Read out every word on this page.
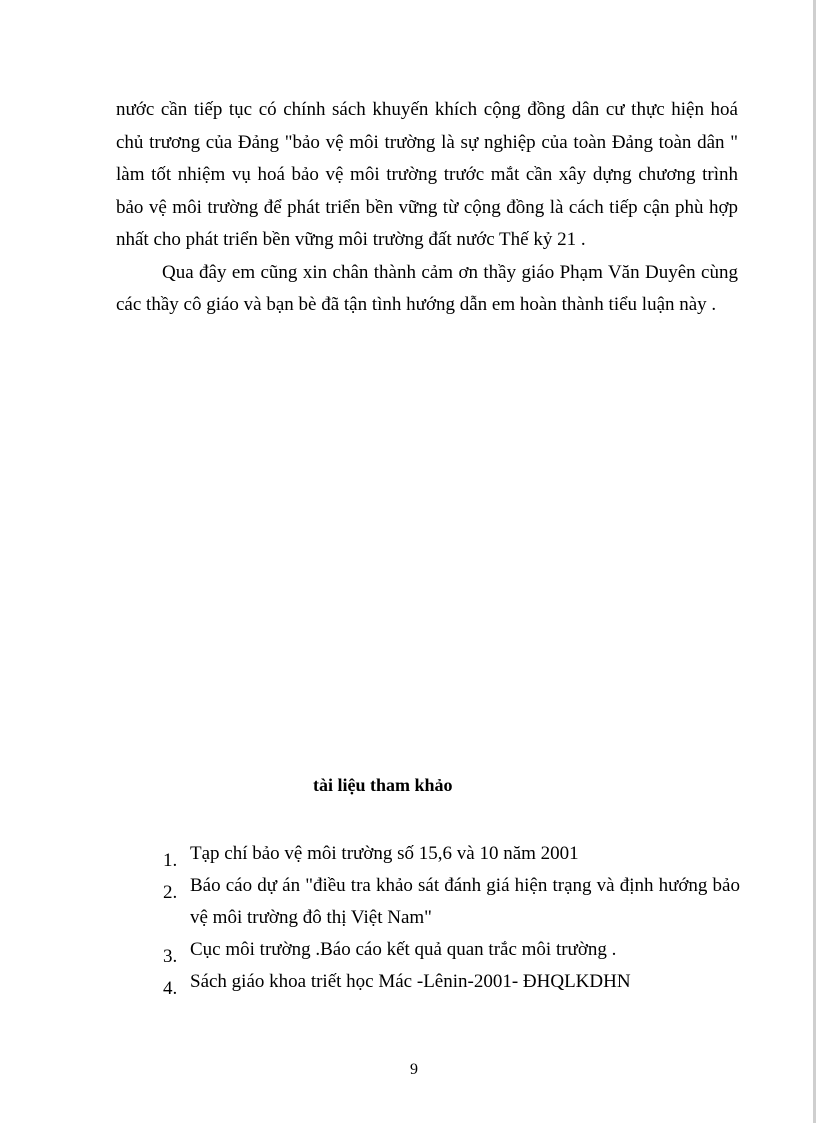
nước cần tiếp tục có chính sách khuyến khích cộng đồng dân cư thực hiện hoá chủ trương của Đảng "bảo vệ môi trường là sự nghiệp của toàn Đảng toàn dân " làm tốt nhiệm vụ hoá bảo vệ môi trường trước mắt cần xây dựng chương trình bảo vệ môi trường để phát triển bền vững từ cộng đồng là cách tiếp cận phù hợp nhất cho phát triển bền vững môi trường đất nước Thế kỷ 21 .

Qua đây em cũng xin chân thành cảm ơn thầy giáo Phạm Văn Duyên cùng các thầy cô giáo và bạn bè đã tận tình hướng dẫn em hoàn thành tiểu luận này .

tài liệu tham khảo
1. Tạp chí bảo vệ môi trường số 15,6 và 10 năm 2001
2. Báo cáo dự án "điều tra khảo sát đánh giá hiện trạng và định hướng bảo vệ môi trường đô thị Việt Nam"
3. Cục môi trường .Báo cáo kết quả quan trắc môi trường .
4. Sách giáo khoa triết học Mác -Lênin-2001- ĐHQLKDHN

9
